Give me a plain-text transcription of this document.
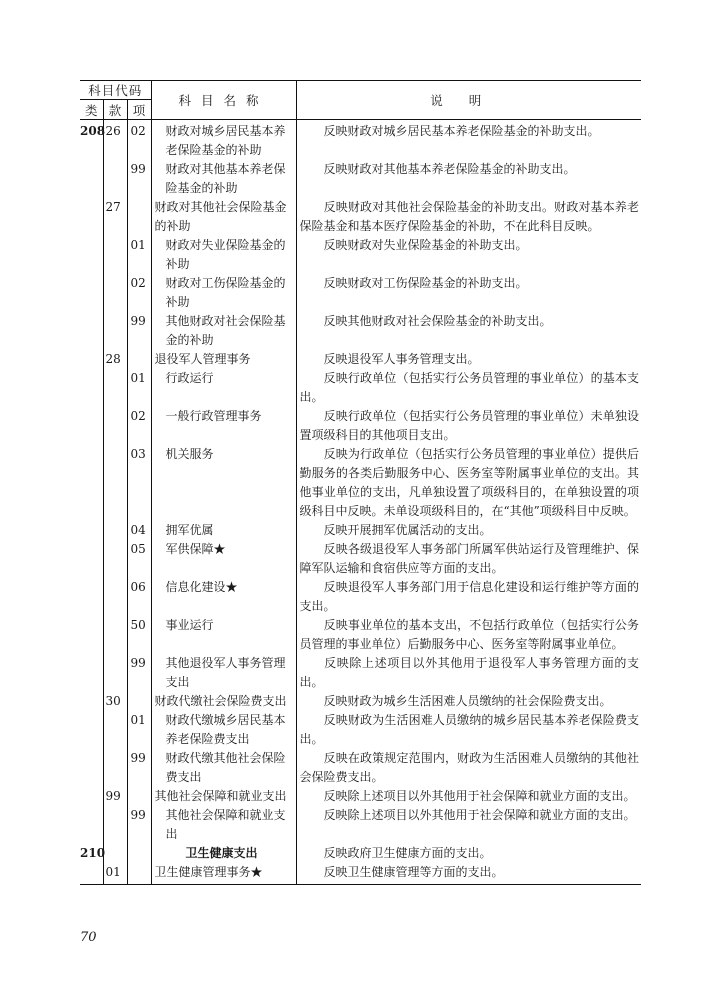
科目代码			科目名称	说明
类	款	项		
208	26	02	财政对城乡居民基本养老保险基金的补助	反映财政对城乡居民基本养老保险基金的补助支出。
		99	财政对其他基本养老保险基金的补助	反映财政对其他基本养老保险基金的补助支出。
	27		财政对其他社会保险基金的补助	反映财政对其他社会保险基金的补助支出。财政对基本养老保险基金和基本医疗保险基金的补助，不在此科目反映。
		01	财政对失业保险基金的补助	反映财政对失业保险基金的补助支出。
		02	财政对工伤保险基金的补助	反映财政对工伤保险基金的补助支出。
		99	其他财政对社会保险基金的补助	反映其他财政对社会保险基金的补助支出。
	28		退役军人管理事务	反映退役军人事务管理支出。
		01	行政运行	反映行政单位（包括实行公务员管理的事业单位）的基本支出。
		02	一般行政管理事务	反映行政单位（包括实行公务员管理的事业单位）未单独设置项级科目的其他项目支出。
		03	机关服务	反映为行政单位（包括实行公务员管理的事业单位）提供后勤服务的各类后勤服务中心、医务室等附属事业单位的支出。其他事业单位的支出，凡单独设置了项级科目的，在单独设置的项级科目中反映。未单设项级科目的，在“其他”项级科目中反映。
		04	拥军优属	反映开展拥军优属活动的支出。
		05	军供保障★	反映各级退役军人事务部门所属军供站运行及管理维护、保障军队运输和食宿供应等方面的支出。
		06	信息化建设★	反映退役军人事务部门用于信息化建设和运行维护等方面的支出。
		50	事业运行	反映事业单位的基本支出，不包括行政单位（包括实行公务员管理的事业单位）后勤服务中心、医务室等附属事业单位。
		99	其他退役军人事务管理支出	反映除上述项目以外其他用于退役军人事务管理方面的支出。
	30		财政代缴社会保险费支出	反映财政为城乡生活困难人员缴纳的社会保险费支出。
		01	财政代缴城乡居民基本养老保险费支出	反映财政为生活困难人员缴纳的城乡居民基本养老保险费支出。
		99	财政代缴其他社会保险费支出	反映在政策规定范围内，财政为生活困难人员缴纳的其他社会保险费支出。
	99		其他社会保障和就业支出	反映除上述项目以外其他用于社会保障和就业方面的支出。
		99	其他社会保障和就业支出	反映除上述项目以外其他用于社会保障和就业方面的支出。
210			卫生健康支出	反映政府卫生健康方面的支出。
	01		卫生健康管理事务★	反映卫生健康管理等方面的支出。
70
